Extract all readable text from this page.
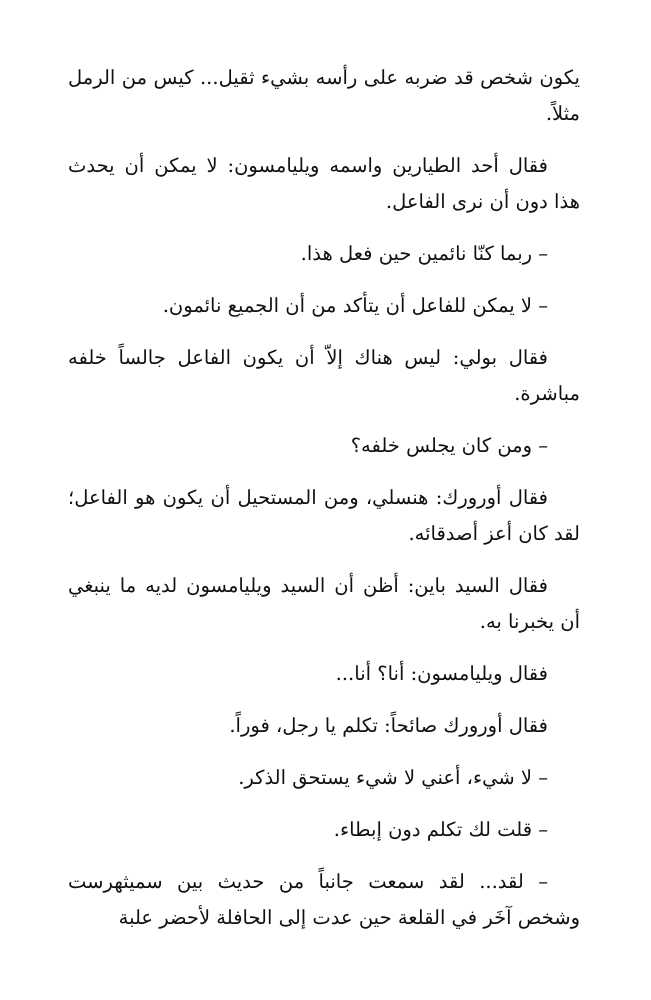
يكون شخص قد ضربه على رأسه بشيء ثقيل... كيس من الرمل مثلاً.

فقال أحد الطيارين واسمه ويليامسون: لا يمكن أن يحدث هذا دون أن نرى الفاعل.

– ربما كنّا نائمين حين فعل هذا.

– لا يمكن للفاعل أن يتأكد من أن الجميع نائمون.

فقال بولي: ليس هناك إلاّ أن يكون الفاعل جالساً خلفه مباشرة.

– ومن كان يجلس خلفه؟

فقال أورورك: هنسلي، ومن المستحيل أن يكون هو الفاعل؛ لقد كان أعز أصدقائه.

فقال السيد باين: أظن أن السيد ويليامسون لديه ما ينبغي أن يخبرنا به.

فقال ويليامسون: أنا؟ أنا...

فقال أورورك صائحاً: تكلم يا رجل، فوراً.

– لا شيء، أعني لا شيء يستحق الذكر.

– قلت لك تكلم دون إبطاء.

– لقد... لقد سمعت جانباً من حديث بين سميثهرست وشخص آخَر في القلعة حين عدت إلى الحافلة لأحضر علبة
